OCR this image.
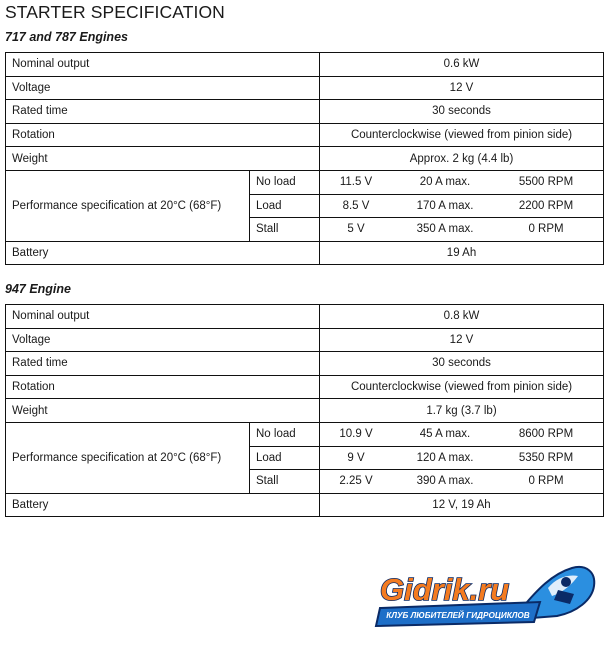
STARTER SPECIFICATION
717 and 787 Engines
Nominal output		0.6 kW
Voltage		12 V
Rated time		30 seconds
Rotation		Counterclockwise (viewed from pinion side)
Weight		Approx. 2 kg (4.4 lb)
Performance specification at 20°C (68°F)	No load	11.5 V 20 A max. 5500 RPM

	Load	8.5 V 170 A max. 2200 RPM

	Stall	5 V 350 A max. 0 RPM

Battery		19 Ah
947 Engine
Nominal output		0.8 kW
Voltage		12 V
Rated time		30 seconds
Rotation		Counterclockwise (viewed from pinion side)
Weight		1.7 kg (3.7 lb)
Performance specification at 20°C (68°F)	No load	10.9 V 45 A max. 8600 RPM

	Load	9 V 120 A max. 5350 RPM

	Stall	2.25 V 390 A max. 0 RPM

Battery		12 V, 19 Ah
КЛУБ ЛЮБИТЕЛЕЙ ГИДРОЦИКЛОВ
Gidrik.ru
